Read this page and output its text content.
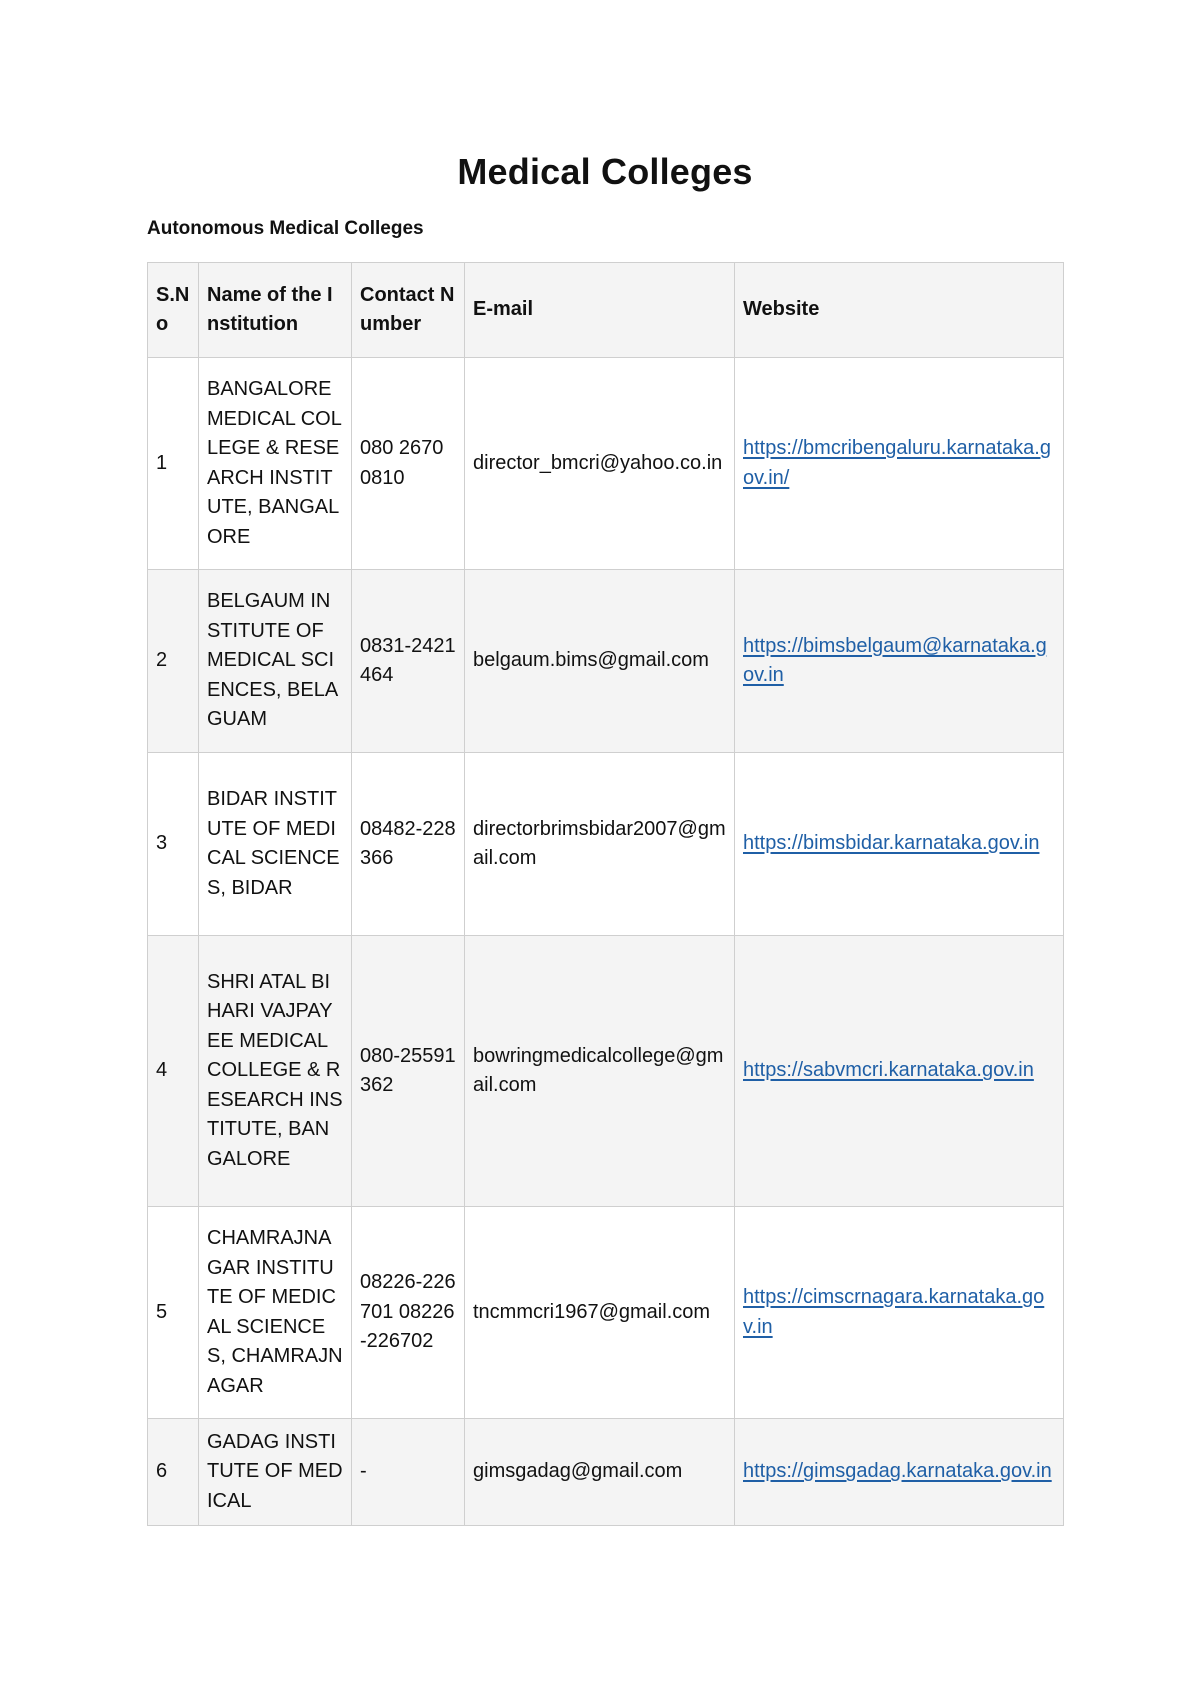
Medical Colleges
Autonomous Medical Colleges
S.No	Name of the Institution	Contact Number	E-mail	Website
1	BANGALORE MEDICAL COLLEGE & RESEARCH INSTITUTE, BANGALORE	080 2670 0810	director_bmcri@yahoo.co.in	https://bmcribengaluru.karnataka.gov.in/
2	BELGAUM INSTITUTE OF MEDICAL SCIENCES, BELAGUAM	0831-2421464	belgaum.bims@gmail.com	https://bimsbelgaum@karnataka.gov.in
3	BIDAR INSTITUTE OF MEDICAL SCIENCES, BIDAR	08482-228366	directorbrimsbidar2007@gmail.com	https://bimsbidar.karnataka.gov.in
4	SHRI ATAL BIHARI VAJPAYEE MEDICAL COLLEGE & RESEARCH INSTITUTE, BANGALORE	080-25591362	bowringmedicalcollege@gmail.com	https://sabvmcri.karnataka.gov.in
5	CHAMRAJNAGAR INSTITUTE OF MEDICAL SCIENCES, CHAMRAJNAGAR	08226-226701 08226-226702	tncmmcri1967@gmail.com	https://cimscrnagara.karnataka.gov.in
6	GADAG INSTITUTE OF MEDICAL	-	gimsgadag@gmail.com	https://gimsgadag.karnataka.gov.in
